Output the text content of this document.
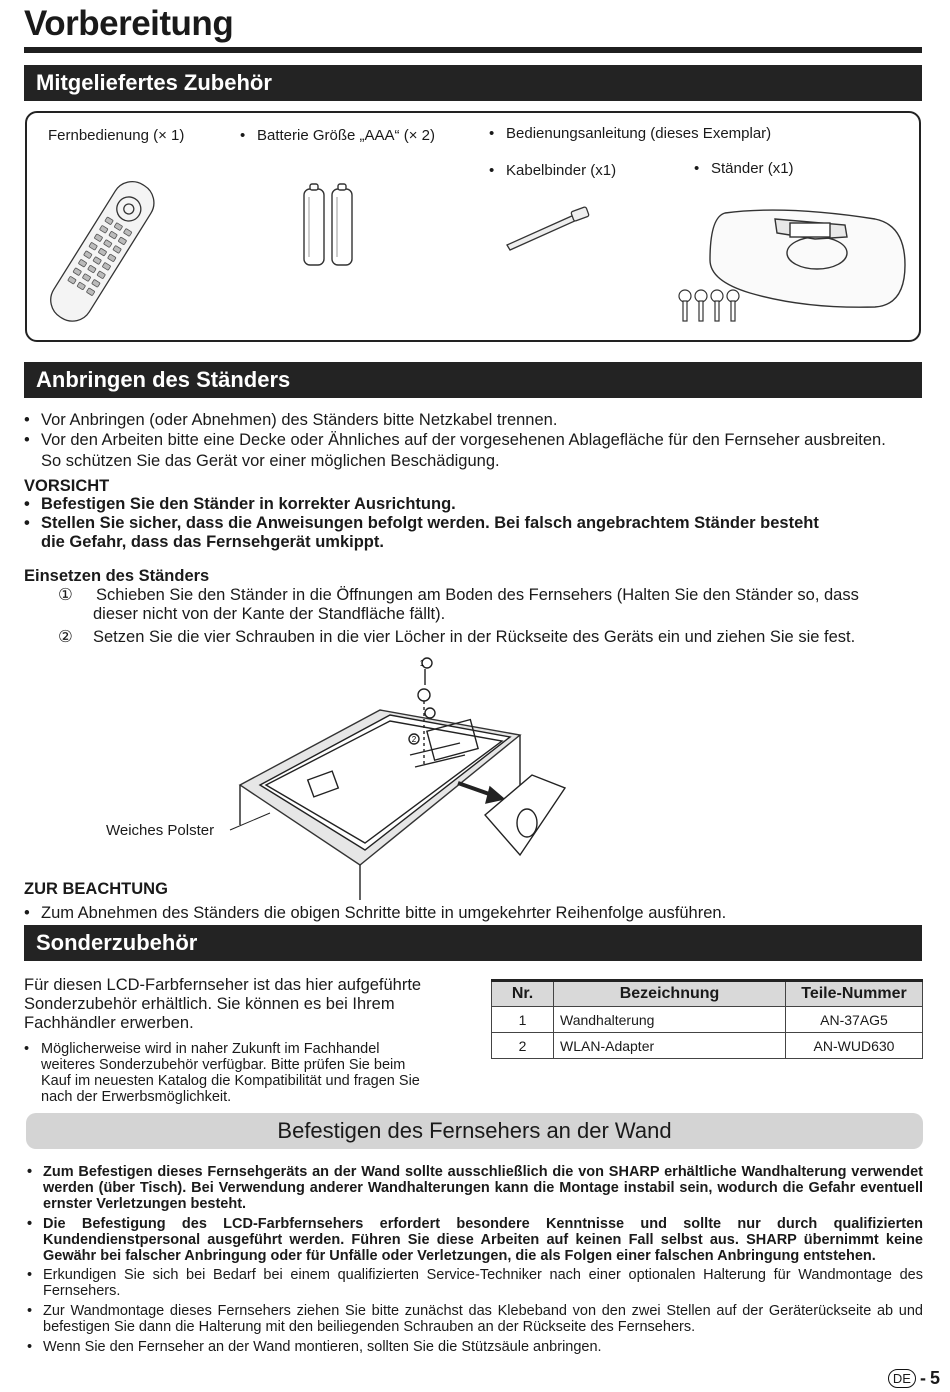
Vorbereitung
Mitgeliefertes Zubehör
Fernbedienung (× 1)	• Batterie Größe „AAA“ (× 2)	• Bedienungsanleitung (dieses Exemplar)
• Kabelbinder (x1)	• Ständer (x1)
Anbringen des Ständers
• Vor Anbringen (oder Abnehmen) des Ständers bitte Netzkabel trennen.
• Vor den Arbeiten bitte eine Decke oder Ähnliches auf der vorgesehenen Ablagefläche für den Fernseher ausbreiten.
So schützen Sie das Gerät vor einer möglichen Beschädigung.
VORSICHT
• Befestigen Sie den Ständer in korrekter Ausrichtung.
• Stellen Sie sicher, dass die Anweisungen befolgt werden. Bei falsch angebrachtem Ständer besteht
die Gefahr, dass das Fernsehgerät umkippt.
Einsetzen des Ständers
① Schieben Sie den Ständer in die Öffnungen am Boden des Fernsehers (Halten Sie den Ständer so, dass
dieser nicht von der Kante der Standfläche fällt).
② Setzen Sie die vier Schrauben in die vier Löcher in der Rückseite des Geräts ein und ziehen Sie sie fest.
1
2
Weiches Polster
ZUR BEACHTUNG
• Zum Abnehmen des Ständers die obigen Schritte bitte in umgekehrter Reihenfolge ausführen.
Sonderzubehör
Für diesen LCD-Farbfernseher ist das hier aufgeführte
Sonderzubehör erhältlich. Sie können es bei Ihrem
Fachhändler erwerben.
• Möglicherweise wird in naher Zukunft im Fachhandel
weiteres Sonderzubehör verfügbar. Bitte prüfen Sie beim
Kauf im neuesten Katalog die Kompatibilität und fragen Sie
nach der Erwerbsmöglichkeit.
Nr.	Bezeichnung	Teile-Nummer
1	Wandhalterung	AN-37AG5
2	WLAN-Adapter	AN-WUD630
Befestigen des Fernsehers an der Wand
• Zum Befestigen dieses Fernsehgeräts an der Wand sollte ausschließlich die von SHARP erhältliche Wandhalterung verwendet werden (über Tisch). Bei Verwendung anderer Wandhalterungen kann die Montage instabil sein, wodurch die Gefahr eventuell ernster Verletzungen besteht.
• Die Befestigung des LCD-Farbfernsehers erfordert besondere Kenntnisse und sollte nur durch qualifizierten Kundendienstpersonal ausgeführt werden. Führen Sie diese Arbeiten auf keinen Fall selbst aus. SHARP übernimmt keine Gewähr bei falscher Anbringung oder für Unfälle oder Verletzungen, die als Folgen einer falschen Anbringung entstehen.
• Erkundigen Sie sich bei Bedarf bei einem qualifizierten Service-Techniker nach einer optionalen Halterung für Wandmontage des Fernsehers.
• Zur Wandmontage dieses Fernsehers ziehen Sie bitte zunächst das Klebeband von den zwei Stellen auf der Geräterückseite ab und befestigen Sie dann die Halterung mit den beiliegenden Schrauben an der Rückseite des Fernsehers.
• Wenn Sie den Fernseher an der Wand montieren, sollten Sie die Stützsäule anbringen.
DE - 5
